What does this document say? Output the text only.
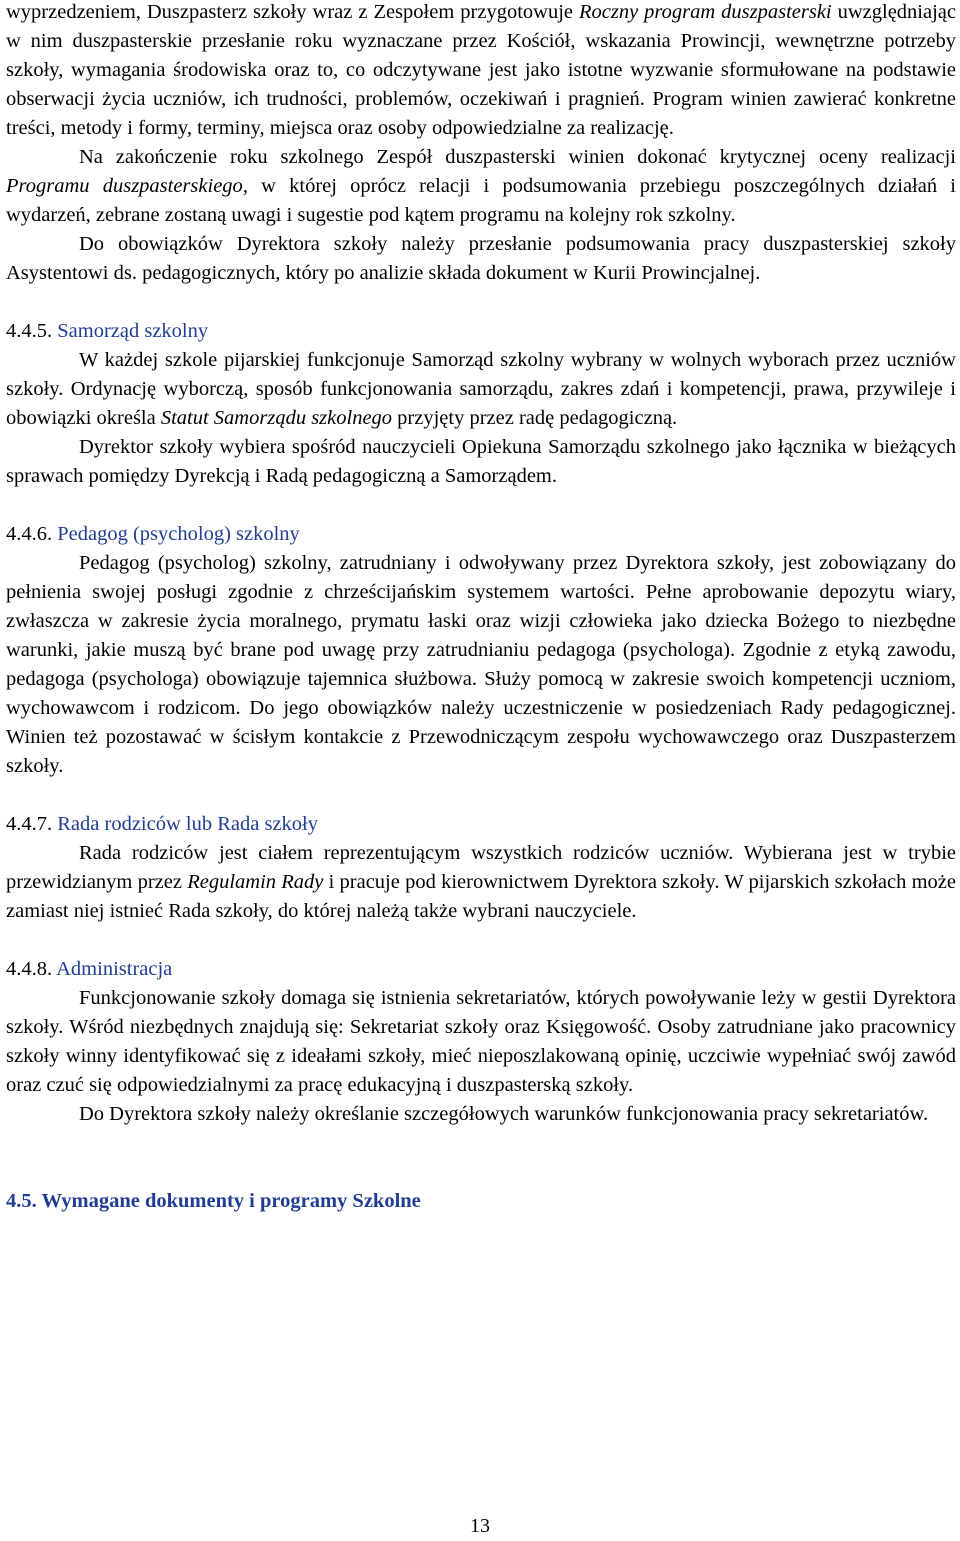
wyprzedzeniem, Duszpasterz szkoły wraz z Zespołem przygotowuje Roczny program duszpasterski uwzględniając w nim duszpasterskie przesłanie roku wyznaczane przez Kościół, wskazania Prowincji, wewnętrzne potrzeby szkoły, wymagania środowiska oraz to, co odczytywane jest jako istotne wyzwanie sformułowane na podstawie obserwacji życia uczniów, ich trudności, problemów, oczekiwań i pragnień. Program winien zawierać konkretne treści, metody i formy, terminy, miejsca oraz osoby odpowiedzialne za realizację.

Na zakończenie roku szkolnego Zespół duszpasterski winien dokonać krytycznej oceny realizacji Programu duszpasterskiego, w której oprócz relacji i podsumowania przebiegu poszczególnych działań i wydarzeń, zebrane zostaną uwagi i sugestie pod kątem programu na kolejny rok szkolny.

Do obowiązków Dyrektora szkoły należy przesłanie podsumowania pracy duszpasterskiej szkoły Asystentowi ds. pedagogicznych, który po analizie składa dokument w Kurii Prowincjalnej.

4.4.5. Samorząd szkolny

W każdej szkole pijarskiej funkcjonuje Samorząd szkolny wybrany w wolnych wyborach przez uczniów szkoły. Ordynację wyborczą, sposób funkcjonowania samorządu, zakres zdań i kompetencji, prawa, przywileje i obowiązki określa Statut Samorządu szkolnego przyjęty przez radę pedagogiczną.

Dyrektor szkoły wybiera spośród nauczycieli Opiekuna Samorządu szkolnego jako łącznika w bieżących sprawach pomiędzy Dyrekcją i Radą pedagogiczną a Samorządem.

4.4.6. Pedagog (psycholog) szkolny

Pedagog (psycholog) szkolny, zatrudniany i odwoływany przez Dyrektora szkoły, jest zobowiązany do pełnienia swojej posługi zgodnie z chrześcijańskim systemem wartości. Pełne aprobowanie depozytu wiary, zwłaszcza w zakresie życia moralnego, prymatu łaski oraz wizji człowieka jako dziecka Bożego to niezbędne warunki, jakie muszą być brane pod uwagę przy zatrudnianiu pedagoga (psychologa). Zgodnie z etyką zawodu, pedagoga (psychologa) obowiązuje tajemnica służbowa. Służy pomocą w zakresie swoich kompetencji uczniom, wychowawcom i rodzicom. Do jego obowiązków należy uczestniczenie w posiedzeniach Rady pedagogicznej. Winien też pozostawać w ścisłym kontakcie z Przewodniczącym zespołu wychowawczego oraz Duszpasterzem szkoły.

4.4.7. Rada rodziców lub Rada szkoły

Rada rodziców jest ciałem reprezentującym wszystkich rodziców uczniów. Wybierana jest w trybie przewidzianym przez Regulamin Rady i pracuje pod kierownictwem Dyrektora szkoły. W pijarskich szkołach może zamiast niej istnieć Rada szkoły, do której należą także wybrani nauczyciele.

4.4.8. Administracja

Funkcjonowanie szkoły domaga się istnienia sekretariatów, których powoływanie leży w gestii Dyrektora szkoły. Wśród niezbędnych znajdują się: Sekretariat szkoły oraz Księgowość. Osoby zatrudniane jako pracownicy szkoły winny identyfikować się z ideałami szkoły, mieć nieposzlakowaną opinię, uczciwie wypełniać swój zawód oraz czuć się odpowiedzialnymi za pracę edukacyjną i duszpasterską szkoły.

Do Dyrektora szkoły należy określanie szczegółowych warunków funkcjonowania pracy sekretariatów.

4.5. Wymagane dokumenty i programy Szkolne
13
